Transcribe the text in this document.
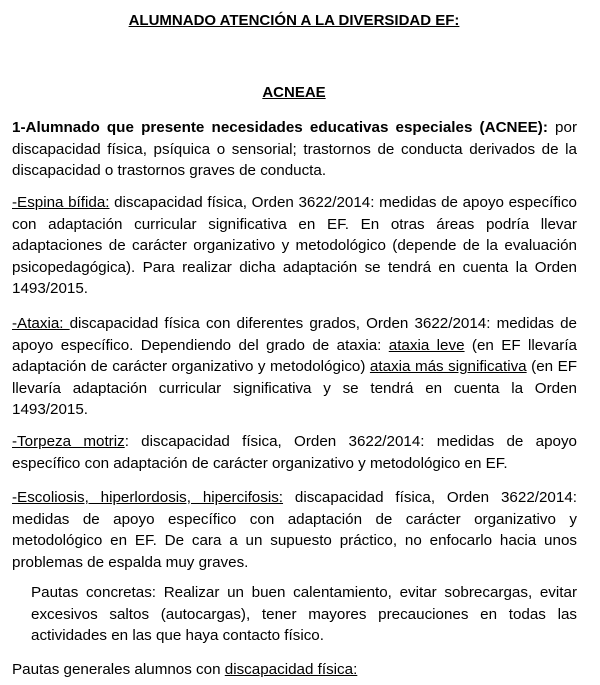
ALUMNADO ATENCIÓN A LA DIVERSIDAD EF:
ACNEAE
1-Alumnado que presente necesidades educativas especiales (ACNEE): por discapacidad física, psíquica o sensorial; trastornos de conducta derivados de la discapacidad o trastornos graves de conducta.
-Espina bífida: discapacidad física, Orden 3622/2014: medidas de apoyo específico con adaptación curricular significativa en EF. En otras áreas podría llevar adaptaciones de carácter organizativo y metodológico (depende de la evaluación psicopedagógica). Para realizar dicha adaptación se tendrá en cuenta la Orden 1493/2015.
-Ataxia: discapacidad física con diferentes grados, Orden 3622/2014: medidas de apoyo específico. Dependiendo del grado de ataxia: ataxia leve (en EF llevaría adaptación de carácter organizativo y metodológico) ataxia más significativa (en EF llevaría adaptación curricular significativa y se tendrá en cuenta la Orden 1493/2015.
-Torpeza motriz: discapacidad física, Orden 3622/2014: medidas de apoyo específico con adaptación de carácter organizativo y metodológico en EF.
-Escoliosis, hiperlordosis, hipercifosis: discapacidad física, Orden 3622/2014: medidas de apoyo específico con adaptación de carácter organizativo y metodológico en EF. De cara a un supuesto práctico, no enfocarlo hacia unos problemas de espalda muy graves.
Pautas concretas: Realizar un buen calentamiento, evitar sobrecargas, evitar excesivos saltos (autocargas), tener mayores precauciones en todas las actividades en las que haya contacto físico.
Pautas generales alumnos con discapacidad física:
